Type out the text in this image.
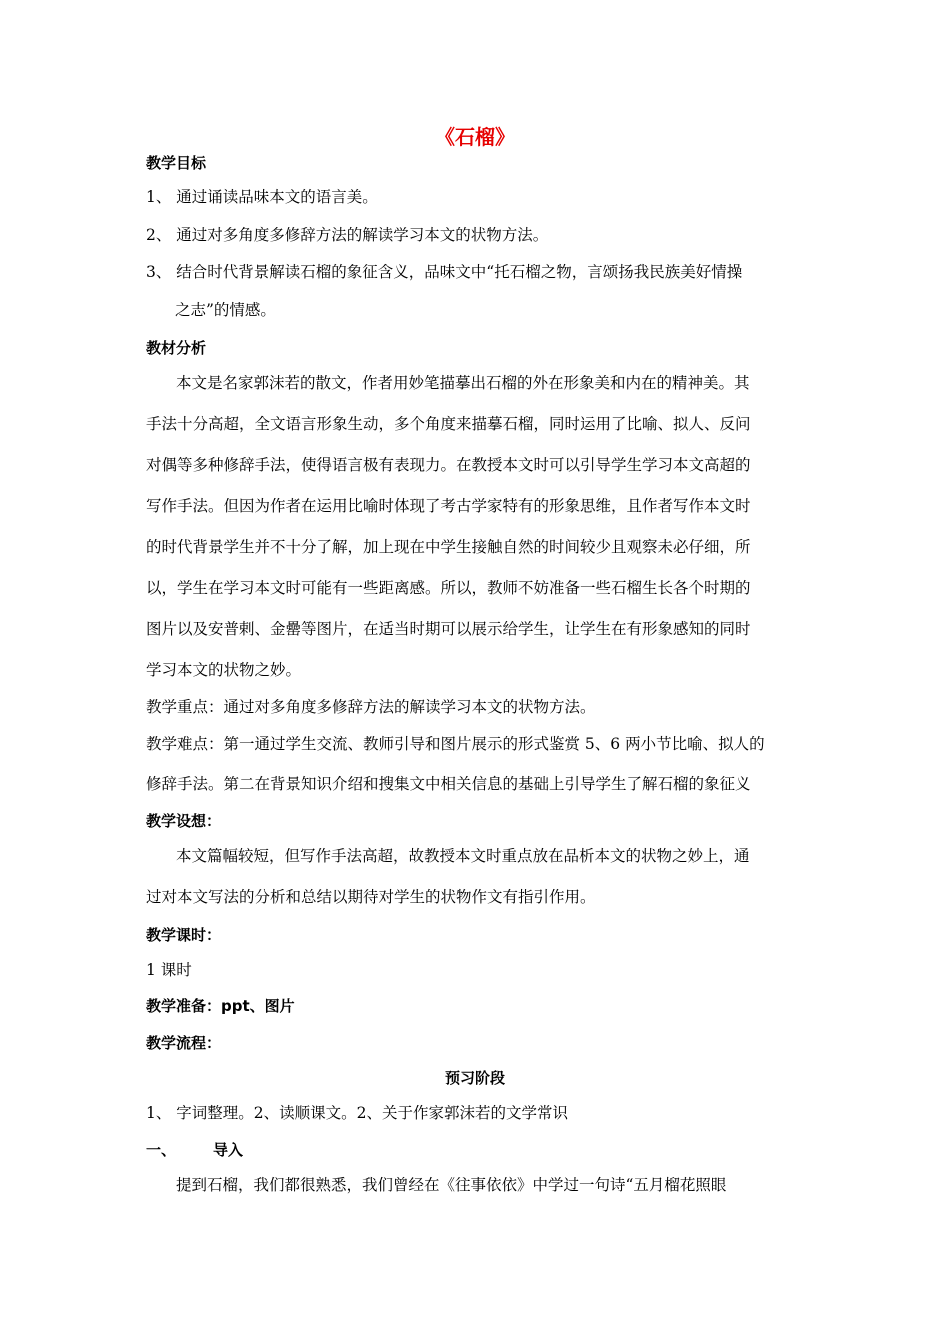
《石榴》
教学目标
1、 通过诵读品味本文的语言美。
2、 通过对多角度多修辞方法的解读学习本文的状物方法。
3、 结合时代背景解读石榴的象征含义，品味文中“托石榴之物，言颂扬我民族美好情操
之志”的情感。
教材分析
本文是名家郭沫若的散文，作者用妙笔描摹出石榴的外在形象美和内在的精神美。其
手法十分高超，全文语言形象生动，多个角度来描摹石榴，同时运用了比喻、拟人、反问
对偶等多种修辞手法，使得语言极有表现力。在教授本文时可以引导学生学习本文高超的
写作手法。但因为作者在运用比喻时体现了考古学家特有的形象思维，且作者写作本文时
的时代背景学生并不十分了解，加上现在中学生接触自然的时间较少且观察未必仔细，所
以，学生在学习本文时可能有一些距离感。所以，教师不妨准备一些石榴生长各个时期的
图片以及安普剌、金罍等图片，在适当时期可以展示给学生，让学生在有形象感知的同时
学习本文的状物之妙。
教学重点：通过对多角度多修辞方法的解读学习本文的状物方法。
教学难点：第一通过学生交流、教师引导和图片展示的形式鉴赏 5、6 两小节比喻、拟人的
修辞手法。第二在背景知识介绍和搜集文中相关信息的基础上引导学生了解石榴的象征义
教学设想：
本文篇幅较短，但写作手法高超，故教授本文时重点放在品析本文的状物之妙上，通
过对本文写法的分析和总结以期待对学生的状物作文有指引作用。
教学课时：
1 课时
教学准备：ppt、图片
教学流程：
预习阶段
1、 字词整理。2、读顺课文。2、关于作家郭沫若的文学常识
一、 导入
提到石榴，我们都很熟悉，我们曾经在《往事依依》中学过一句诗“五月榴花照眼
